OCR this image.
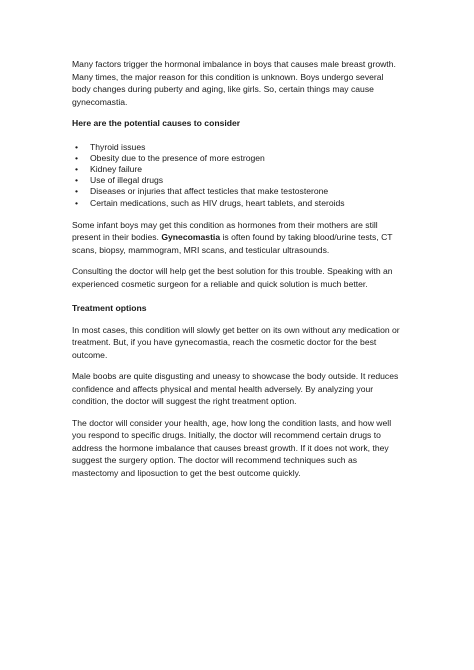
Many factors trigger the hormonal imbalance in boys that causes male breast growth. Many times, the major reason for this condition is unknown. Boys undergo several body changes during puberty and aging, like girls. So, certain things may cause gynecomastia.

Here are the potential causes to consider
• Thyroid issues
• Obesity due to the presence of more estrogen
• Kidney failure
• Use of illegal drugs
• Diseases or injuries that affect testicles that make testosterone
• Certain medications, such as HIV drugs, heart tablets, and steroids

Some infant boys may get this condition as hormones from their mothers are still present in their bodies. Gynecomastia is often found by taking blood/urine tests, CT scans, biopsy, mammogram, MRI scans, and testicular ultrasounds.

Consulting the doctor will help get the best solution for this trouble. Speaking with an experienced cosmetic surgeon for a reliable and quick solution is much better.

Treatment options

In most cases, this condition will slowly get better on its own without any medication or treatment. But, if you have gynecomastia, reach the cosmetic doctor for the best outcome.

Male boobs are quite disgusting and uneasy to showcase the body outside. It reduces confidence and affects physical and mental health adversely. By analyzing your condition, the doctor will suggest the right treatment option.

The doctor will consider your health, age, how long the condition lasts, and how well you respond to specific drugs. Initially, the doctor will recommend certain drugs to address the hormone imbalance that causes breast growth. If it does not work, they suggest the surgery option. The doctor will recommend techniques such as mastectomy and liposuction to get the best outcome quickly.
